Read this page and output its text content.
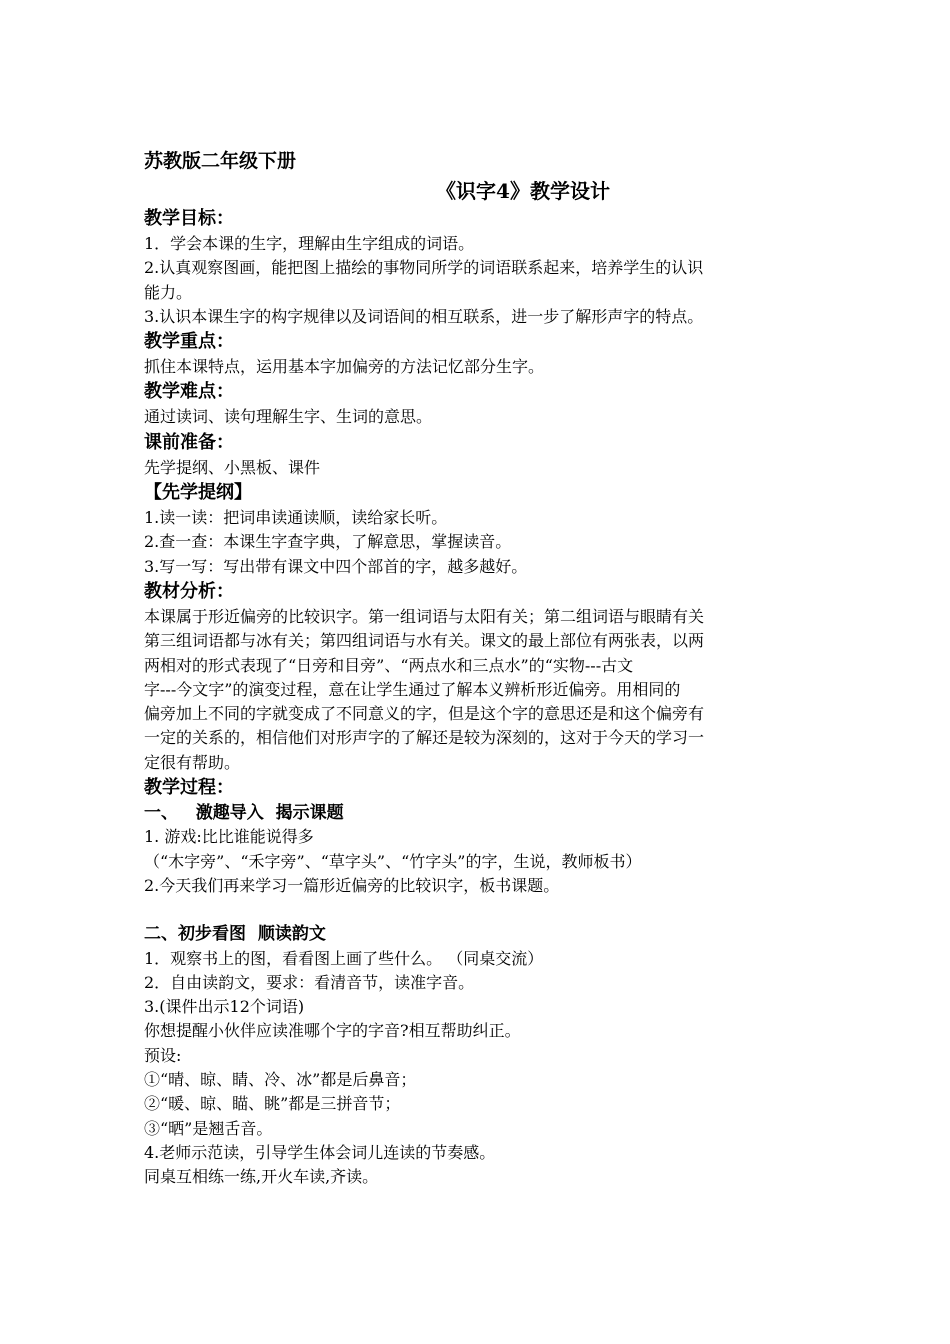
苏教版二年级下册
《识字4》教学设计
教学目标：
1．学会本课的生字，理解由生字组成的词语。
2.认真观察图画，能把图上描绘的事物同所学的词语联系起来，培养学生的认识
能力。
3.认识本课生字的构字规律以及词语间的相互联系，进一步了解形声字的特点。
教学重点：
抓住本课特点，运用基本字加偏旁的方法记忆部分生字。
教学难点：
通过读词、读句理解生字、生词的意思。
课前准备：
先学提纲、小黑板、课件
【先学提纲】
1.读一读：把词串读通读顺，读给家长听。
2.查一查：本课生字查字典，了解意思，掌握读音。
3.写一写：写出带有课文中四个部首的字，越多越好。
教材分析：
本课属于形近偏旁的比较识字。第一组词语与太阳有关；第二组词语与眼睛有关
第三组词语都与冰有关；第四组词语与水有关。课文的最上部位有两张表，以两
两相对的形式表现了“日旁和目旁”、“两点水和三点水”的“实物---古文
字---今文字”的演变过程，意在让学生通过了解本义辨析形近偏旁。用相同的
偏旁加上不同的字就变成了不同意义的字，但是这个字的意思还是和这个偏旁有
一定的关系的，相信他们对形声字的了解还是较为深刻的，这对于今天的学习一
定很有帮助。
教学过程：
一、   激趣导入  揭示课题
1. 游戏:比比谁能说得多
（“木字旁”、“禾字旁”、“草字头”、“竹字头”的字，生说，教师板书）
2.今天我们再来学习一篇形近偏旁的比较识字，板书课题。
二、初步看图  顺读韵文
1．观察书上的图，看看图上画了些什么。 （同桌交流）
2．自由读韵文，要求：看清音节，读准字音。
3.(课件出示12个词语)
你想提醒小伙伴应读准哪个字的字音?相互帮助纠正。
预设:
①“晴、晾、睛、冷、冰”都是后鼻音；
②“暖、晾、瞄、眺”都是三拼音节；
③“晒”是翘舌音。
4.老师示范读，引导学生体会词儿连读的节奏感。
同桌互相练一练,开火车读,齐读。
